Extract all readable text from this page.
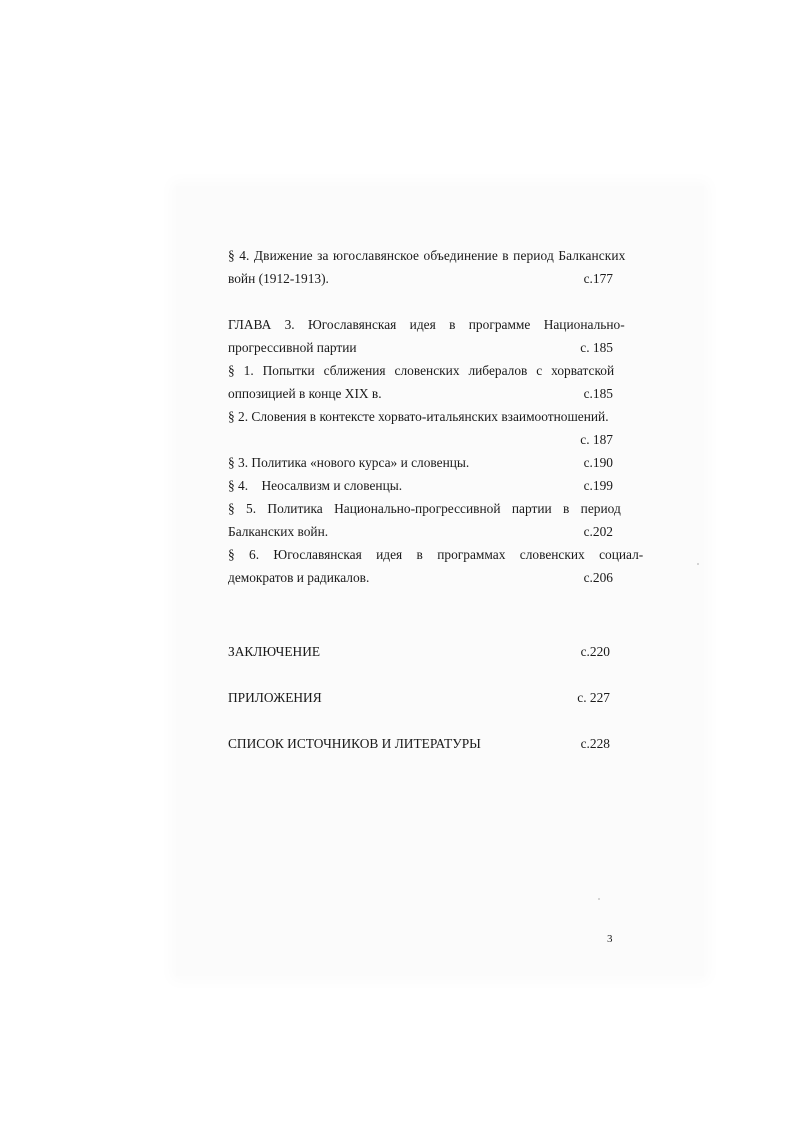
§ 4. Движение за югославянское объединение в период Балканских
войн (1912-1913).	с.177
ГЛАВА 3. Югославянская идея в программе Национально-
прогрессивной партии	с. 185
§ 1. Попытки сближения словенских либералов с хорватской
оппозицией в конце XIX в.	с.185
§ 2. Словения в контексте хорвато-итальянских взаимоотношений.
с. 187
§ 3. Политика «нового курса» и словенцы.	с.190
§ 4.    Неосалвизм и словенцы.	с.199
§ 5. Политика Национально-прогрессивной партии в период
Балканских войн.	с.202
§ 6. Югославянская идея в программах словенских социал-
демократов и радикалов.	с.206
ЗАКЛЮЧЕНИЕ	с.220
ПРИЛОЖЕНИЯ	с. 227
СПИСОК ИСТОЧНИКОВ И ЛИТЕРАТУРЫ	с.228
3
